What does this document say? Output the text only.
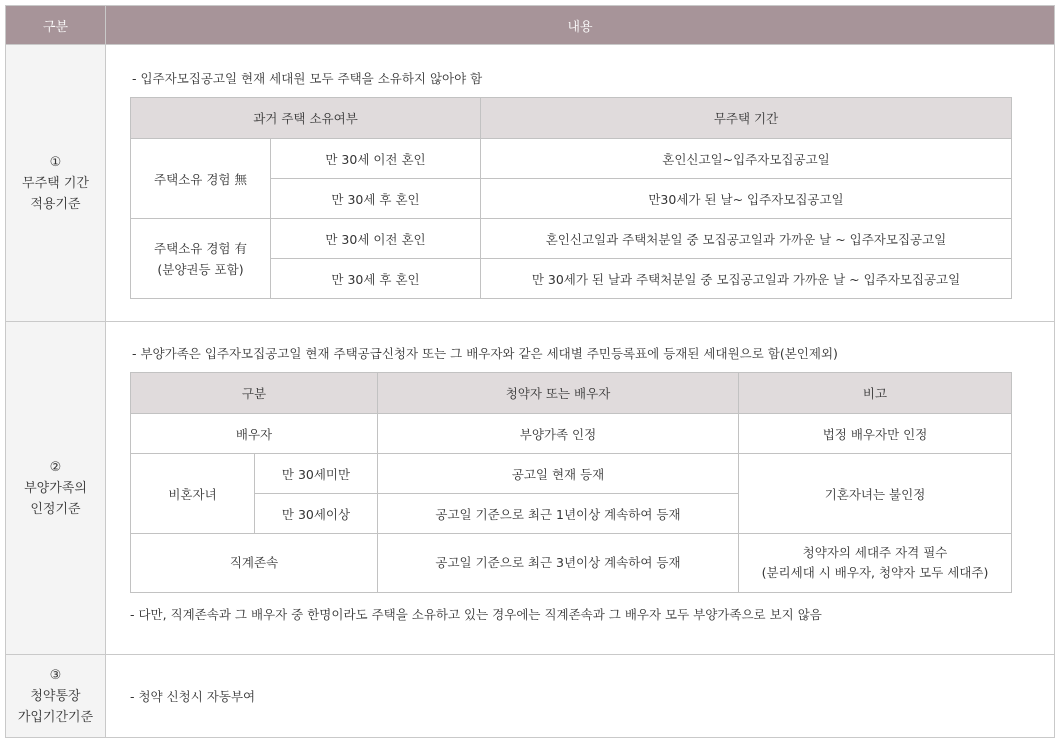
구분	내용

①
무주택 기간
적용기준

- 입주자모집공고일 현재 세대원 모두 주택을 소유하지 않아야 함

과거 주택 소유여부	무주택 기간
주택소유 경험 無	만 30세 이전 혼인	혼인신고일~입주자모집공고일
만 30세 후 혼인	만30세가 된 날~ 입주자모집공고일

주택소유 경험 有
(분양권등 포함)
	만 30세 이전 혼인	혼인신고일과 주택처분일 중 모집공고일과 가까운 날 ~ 입주자모집공고일
만 30세 후 혼인	만 30세가 된 날과 주택처분일 중 모집공고일과 가까운 날 ~ 입주자모집공고일

②
부양가족의
인정기준

- 부양가족은 입주자모집공고일 현재 주택공급신청자 또는 그 배우자와 같은 세대별 주민등록표에 등재된 세대원으로 함(본인제외)

구분	청약자 또는 배우자	비고
배우자	부양가족 인정	법정 배우자만 인정
비혼자녀	만 30세미만	공고일 현재 등재	기혼자녀는 불인정
만 30세이상	공고일 기준으로 최근 1년이상 계속하여 등재
직계존속	공고일 기준으로 최근 3년이상 계속하여 등재	
청약자의 세대주 자격 필수
(분리세대 시 배우자, 청약자 모두 세대주)

- 다만, 직계존속과 그 배우자 중 한명이라도 주택을 소유하고 있는 경우에는 직계존속과 그 배우자 모두 부양가족으로 보지 않음

③
청약통장
가입기간기준

- 청약 신청시 자동부여
